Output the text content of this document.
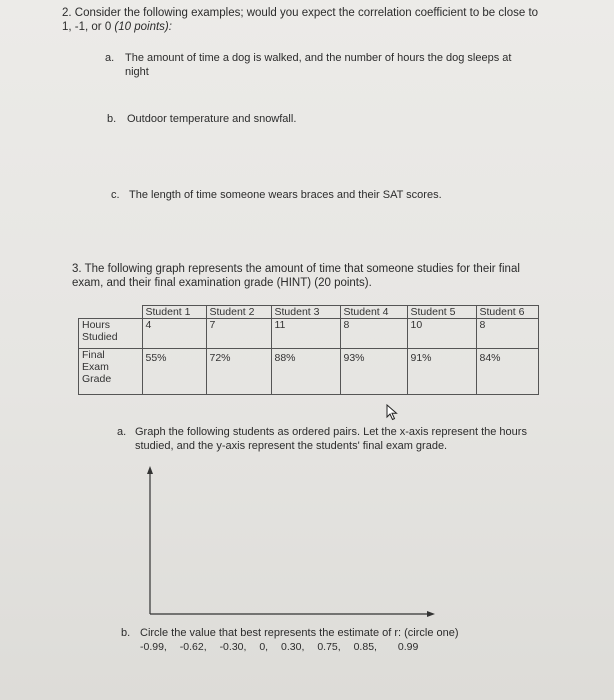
2. Consider the following examples; would you expect the correlation coefficient to be close to
1, -1, or 0 (10 points):
a. The amount of time a dog is walked, and the number of hours the dog sleeps at
night
b. Outdoor temperature and snowfall.
c. The length of time someone wears braces and their SAT scores.
3. The following graph represents the amount of time that someone studies for their final
exam, and their final examination grade (HINT) (20 points).
	Student 1	Student 2	Student 3	Student 4	Student 5	Student 6

Hours
Studied	4	7	11	8	10	8

Final
Exam
Grade	55%	72%	88%	93%	91%	84%
a. Graph the following students as ordered pairs. Let the x-axis represent the hours
studied, and the y-axis represent the students' final exam grade.
b. Circle the value that best represents the estimate of r: (circle one)
-0.99, -0.62, -0.30, 0, 0.30, 0.75, 0.85, 0.99
